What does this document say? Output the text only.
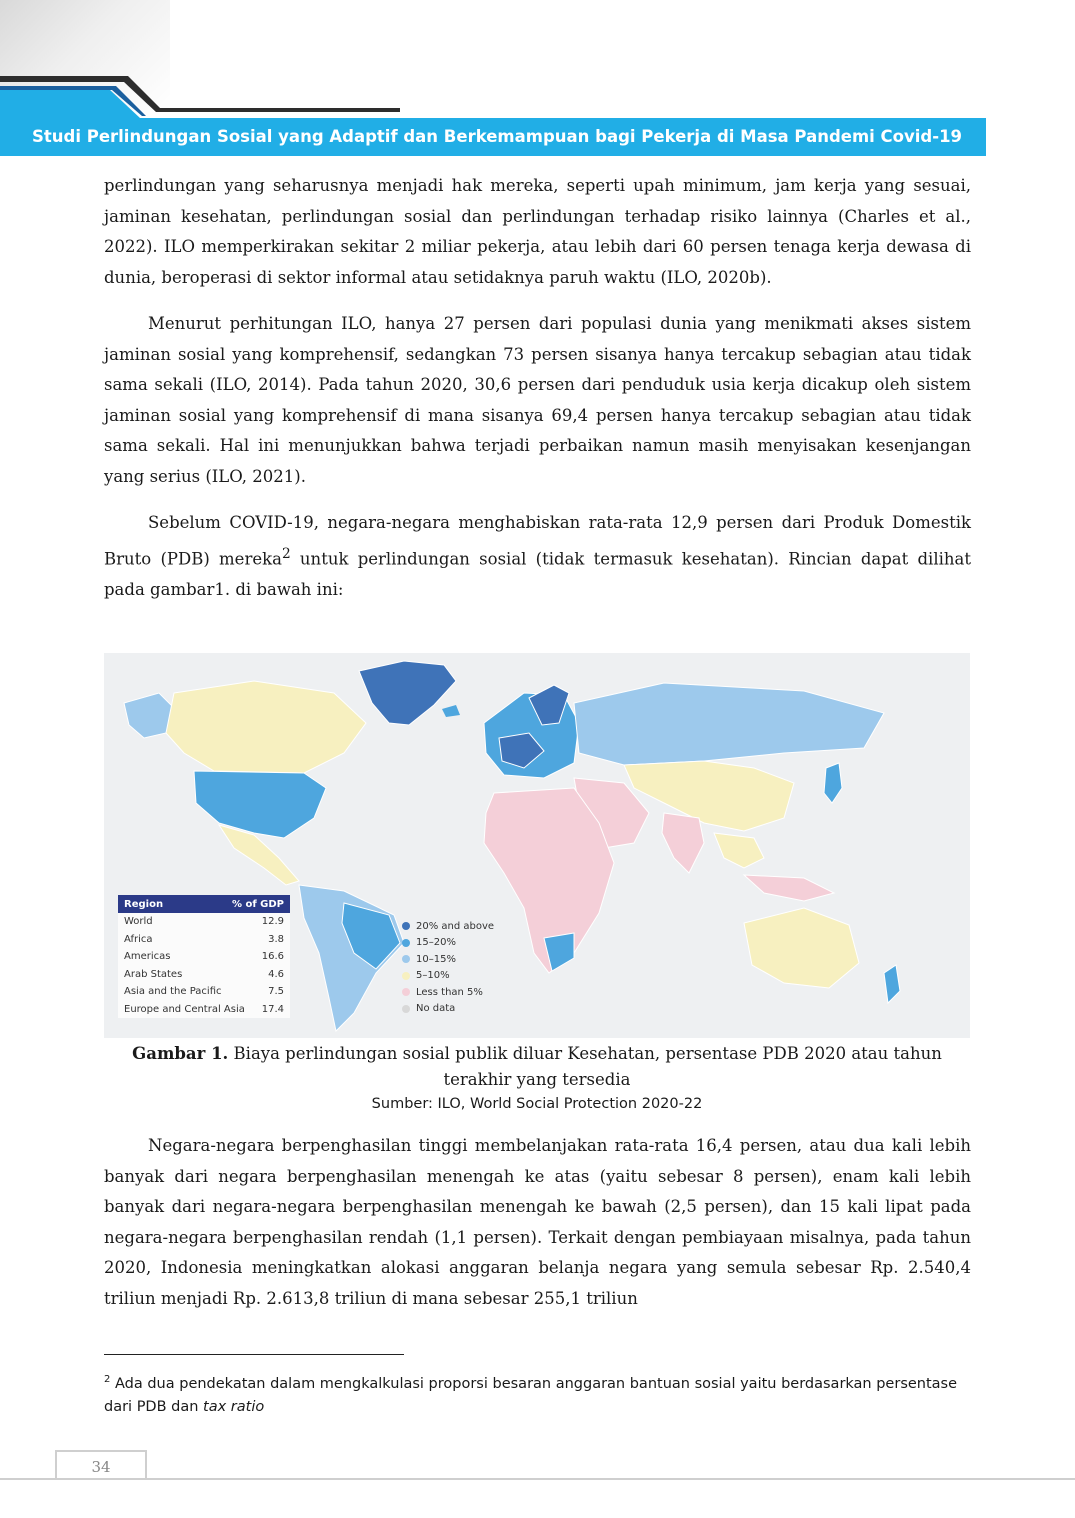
Studi Perlindungan Sosial yang Adaptif dan Berkemampuan bagi Pekerja di Masa Pandemi Covid-19

perlindungan yang seharusnya menjadi hak mereka, seperti upah minimum, jam kerja yang sesuai, jaminan kesehatan, perlindungan sosial dan perlindungan terhadap risiko lainnya (Charles et al., 2022). ILO memperkirakan sekitar 2 miliar pekerja, atau lebih dari 60 persen tenaga kerja dewasa di dunia, beroperasi di sektor informal atau setidaknya paruh waktu (ILO, 2020b).

Menurut perhitungan ILO, hanya 27 persen dari populasi dunia yang menikmati akses sistem jaminan sosial yang komprehensif, sedangkan 73 persen sisanya hanya tercakup sebagian atau tidak sama sekali (ILO, 2014). Pada tahun 2020, 30,6 persen dari penduduk usia kerja dicakup oleh sistem jaminan sosial yang komprehensif di mana sisanya 69,4 persen hanya tercakup sebagian atau tidak sama sekali. Hal ini menunjukkan bahwa terjadi perbaikan namun masih menyisakan kesenjangan yang serius (ILO, 2021).

Sebelum COVID-19, negara-negara menghabiskan rata-rata 12,9 persen dari Produk Domestik Bruto (PDB) mereka$^2$ untuk perlindungan sosial (tidak termasuk kesehatan). Rincian dapat dilihat pada gambar1. di bawah ini:

Region	% of GDP
World	12.9
Africa	3.8
Americas	16.6
Arab States	4.6
Asia and the Pacific	7.5
Europe and Central Asia 17.4
20% and above
15–20%
10–15%
5–10%
Less than 5%
No data
Gambar 1. Biaya perlindungan sosial publik diluar Kesehatan, persentase PDB 2020 atau tahun terakhir yang tersedia
Sumber: ILO, World Social Protection 2020-22
Negara-negara berpenghasilan tinggi membelanjakan rata-rata 16,4 persen, atau dua kali lebih banyak dari negara berpenghasilan menengah ke atas (yaitu sebesar 8 persen), enam kali lebih banyak dari negara-negara berpenghasilan menengah ke bawah (2,5 persen), dan 15 kali lipat pada negara-negara berpenghasilan rendah (1,1 persen). Terkait dengan pembiayaan misalnya, pada tahun 2020, Indonesia meningkatkan alokasi anggaran belanja negara yang semula sebesar Rp. 2.540,4 triliun menjadi Rp. 2.613,8 triliun di mana sebesar 255,1 triliun
$^2$ Ada dua pendekatan dalam mengkalkulasi proporsi besaran anggaran bantuan sosial yaitu berdasarkan persentase dari PDB dan tax ratio
34
